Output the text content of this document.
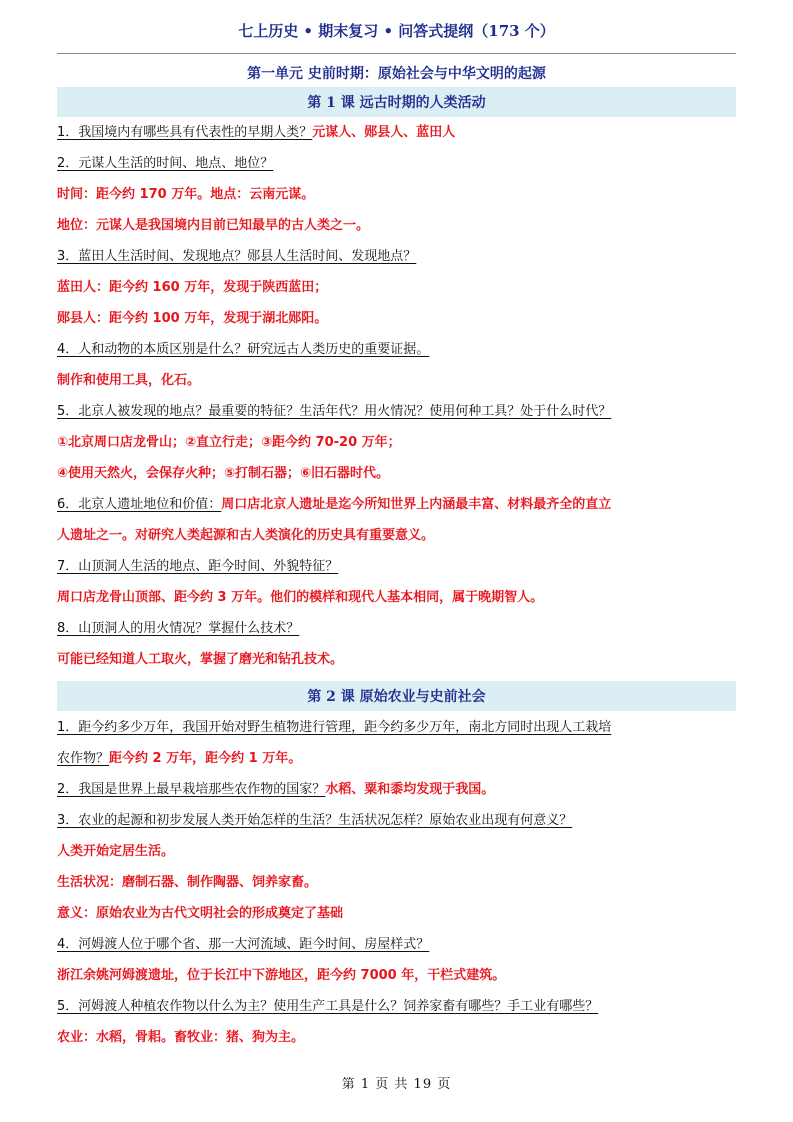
七上历史 • 期末复习 • 问答式提纲（173 个）
第一单元 史前时期：原始社会与中华文明的起源
第 1 课 远古时期的人类活动
1．我国境内有哪些具有代表性的早期人类？元谋人、郧县人、蓝田人
2．元谋人生活的时间、地点、地位？
时间：距今约 170 万年。地点：云南元谋。
地位：元谋人是我国境内目前已知最早的古人类之一。
3．蓝田人生活时间、发现地点？郧县人生活时间、发现地点？
蓝田人：距今约 160 万年，发现于陕西蓝田；
郧县人：距今约 100 万年，发现于湖北郧阳。
4．人和动物的本质区别是什么？研究远古人类历史的重要证据。
制作和使用工具，化石。
5．北京人被发现的地点？最重要的特征？生活年代？用火情况？使用何种工具？处于什么时代？
①北京周口店龙骨山；②直立行走；③距今约 70-20 万年；
④使用天然火，会保存火种；⑤打制石器；⑥旧石器时代。
6．北京人遗址地位和价值：周口店北京人遗址是迄今所知世界上内涵最丰富、材料最齐全的直立
人遗址之一。对研究人类起源和古人类演化的历史具有重要意义。
7．山顶洞人生活的地点、距今时间、外貌特征？
周口店龙骨山顶部、距今约 3 万年。他们的模样和现代人基本相同，属于晚期智人。
8．山顶洞人的用火情况？掌握什么技术？
可能已经知道人工取火，掌握了磨光和钻孔技术。
第 2 课 原始农业与史前社会
1．距今约多少万年，我国开始对野生植物进行管理，距今约多少万年，南北方同时出现人工栽培
农作物？距今约 2 万年，距今约 1 万年。
2．我国是世界上最早栽培那些农作物的国家？水稻、粟和黍均发现于我国。
3．农业的起源和初步发展人类开始怎样的生活？生活状况怎样？原始农业出现有何意义？
人类开始定居生活。
生活状况：磨制石器、制作陶器、饲养家畜。
意义：原始农业为古代文明社会的形成奠定了基础
4．河姆渡人位于哪个省、那一大河流域、距今时间、房屋样式？
浙江余姚河姆渡遗址，位于长江中下游地区，距今约 7000 年，干栏式建筑。
5．河姆渡人种植农作物以什么为主？使用生产工具是什么？饲养家畜有哪些？手工业有哪些？
农业：水稻，骨耜。畜牧业：猪、狗为主。
第 1 页 共 19 页
